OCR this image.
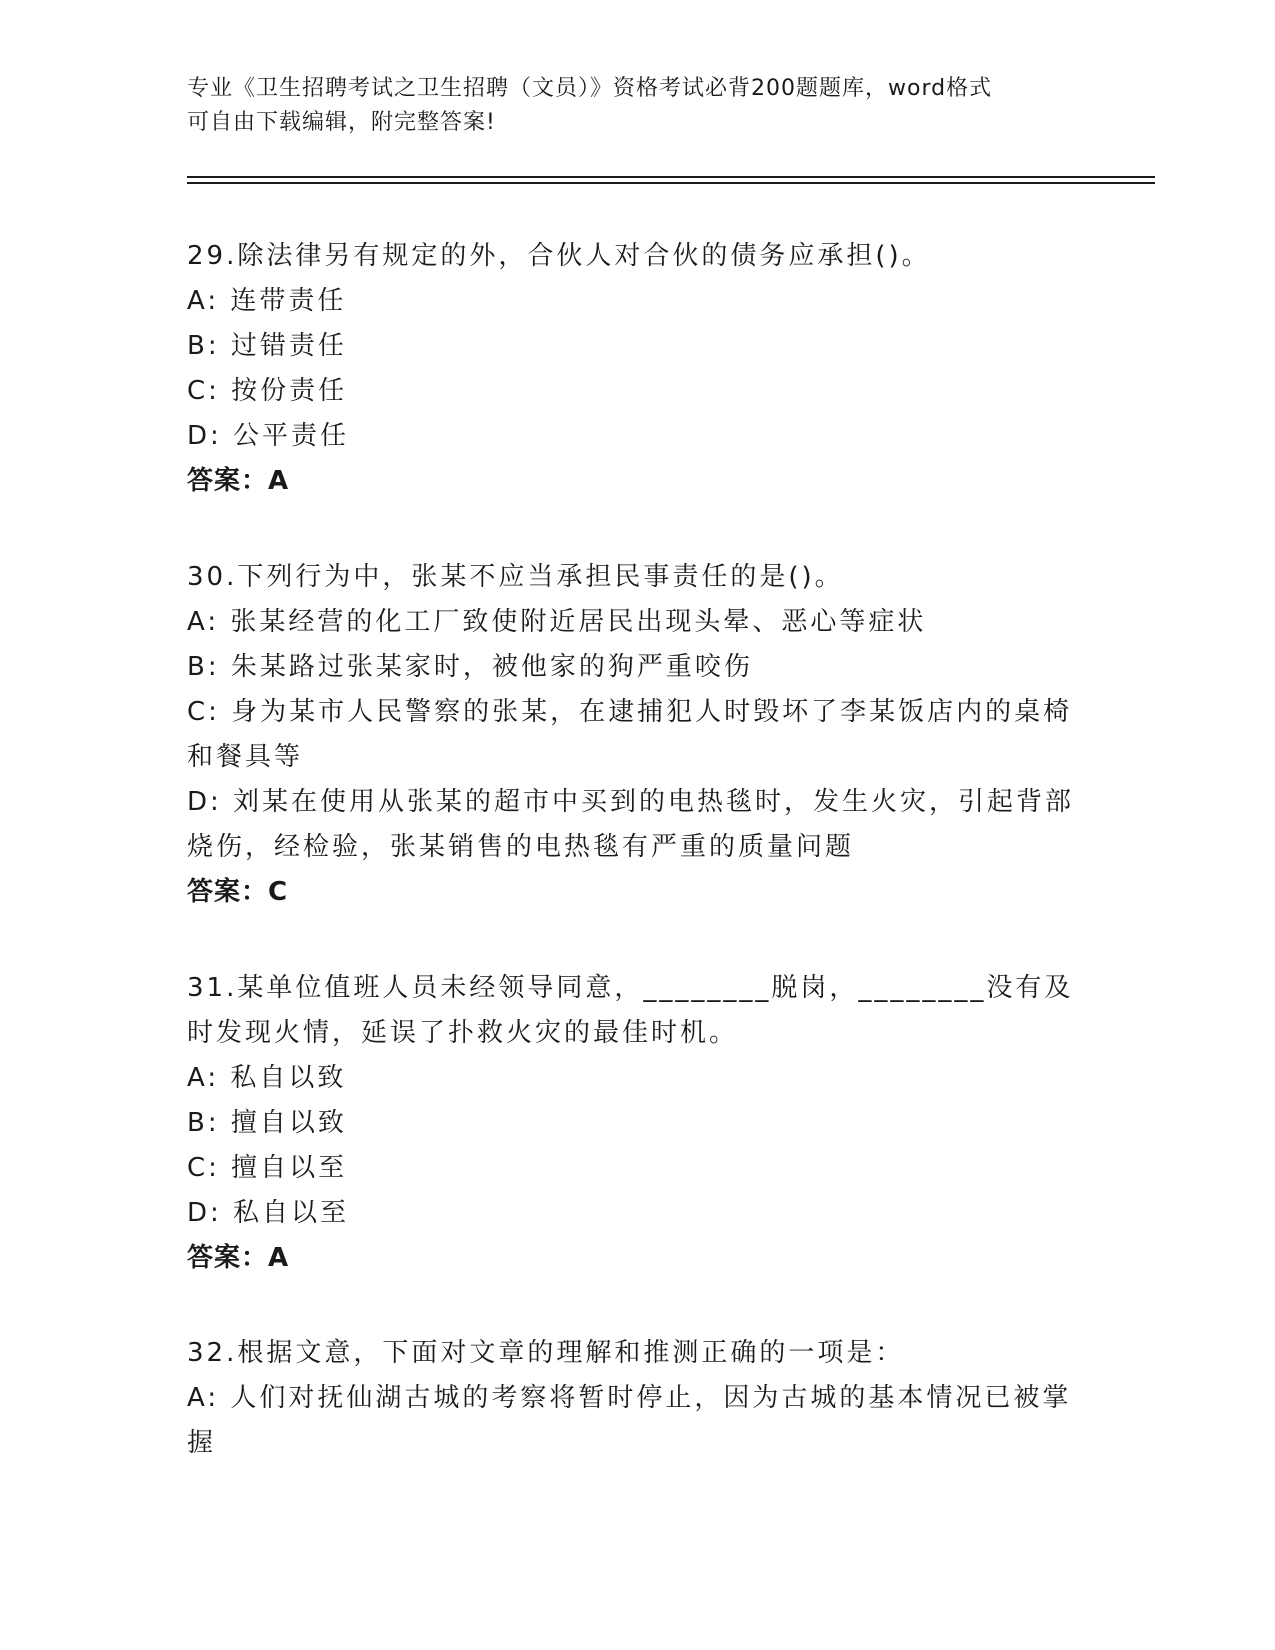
专业《卫生招聘考试之卫生招聘（文员）》资格考试必背200题题库，word格式
可自由下载编辑，附完整答案!
29.除法律另有规定的外，合伙人对合伙的债务应承担()。
A: 连带责任
B: 过错责任
C: 按份责任
D: 公平责任
答案：A
30.下列行为中，张某不应当承担民事责任的是()。
A: 张某经营的化工厂致使附近居民出现头晕、恶心等症状
B: 朱某路过张某家时，被他家的狗严重咬伤
C: 身为某市人民警察的张某，在逮捕犯人时毁坏了李某饭店内的桌椅和餐具等
D: 刘某在使用从张某的超市中买到的电热毯时，发生火灾，引起背部烧伤，经检验，张某销售的电热毯有严重的质量问题
答案：C
31.某单位值班人员未经领导同意，________脱岗，________没有及时发现火情，延误了扑救火灾的最佳时机。
A: 私自以致
B: 擅自以致
C: 擅自以至
D: 私自以至
答案：A
32.根据文意，下面对文章的理解和推测正确的一项是：
A: 人们对抚仙湖古城的考察将暂时停止，因为古城的基本情况已被掌握
